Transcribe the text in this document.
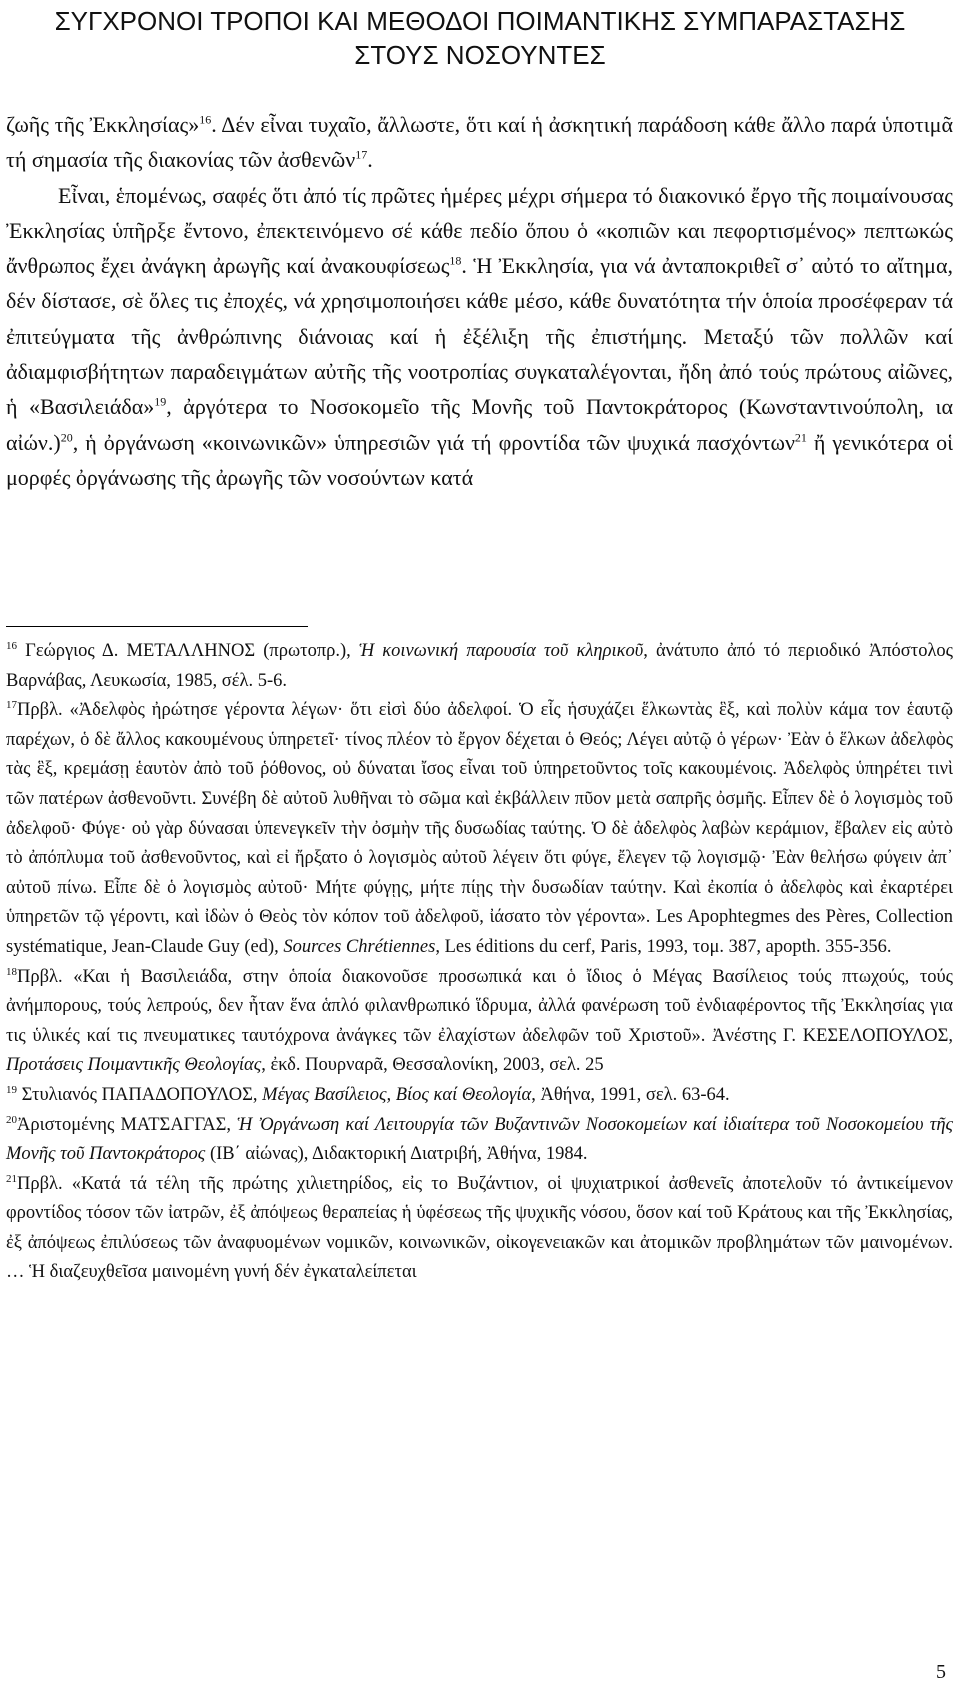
ΣΥΓΧΡΟΝΟΙ ΤΡΟΠΟΙ ΚΑΙ ΜΕΘΟΔΟΙ ΠΟΙΜΑΝΤΙΚΗΣ ΣΥΜΠΑΡΑΣΤΑΣΗΣ
ΣΤΟΥΣ ΝΟΣΟΥΝΤΕΣ

ζωῆς τῆς Ἐκκλησίας»$^{16}$. Δέν εἶναι τυχαῖο, ἄλλωστε, ὅτι καί ἡ ἀσκητική παράδοση κάθε ἄλλο παρά ὑποτιμᾶ τή σημασία τῆς διακονίας τῶν ἀσθενῶν$^{17}$.

Εἶναι, ἑπομένως, σαφές ὅτι ἀπό τίς πρῶτες ἡμέρες μέχρι σήμερα τό διακονικό ἔργο τῆς ποιμαίνουσας Ἐκκλησίας ὑπῆρξε ἔντονο, ἐπεκτεινόμενο σέ κάθε πεδίο ὅπου ὁ «κοπιῶν και πεφορτισμένος» πεπτωκώς ἄνθρωπος ἔχει ἀνάγκη ἀρωγῆς καί ἀνακουφίσεως$^{18}$. Ἡ Ἐκκλησία, για νά ἀνταποκριθεῖ σ᾽ αὐτό το αἴτημα, δέν δίστασε, σὲ ὅλες τις ἐποχές, νά χρησιμοποιήσει κάθε μέσο, κάθε δυνατότητα τήν ὁποία προσέφεραν τά ἐπιτεύγματα τῆς ἀνθρώπινης διάνοιας καί ἡ ἐξέλιξη τῆς ἐπιστήμης. Μεταξύ τῶν πολλῶν καί ἀδιαμφισβήτητων παραδειγμάτων αὐτῆς τῆς νοοτροπίας συγκαταλέγονται, ἤδη ἀπό τούς πρώτους αἰῶνες, ἡ «Βασιλειάδα»$^{19}$, ἀργότερα το Νοσοκομεῖο τῆς Μονῆς τοῦ Παντοκράτορος (Κωνσταντινούπολη, ια αἰών.)$^{20}$, ἡ ὀργάνωση «κοινωνικῶν» ὑπηρεσιῶν γιά τή φροντίδα τῶν ψυχικά πασχόντων$^{21}$ ἤ γενικότερα οἱ μορφές ὀργάνωσης τῆς ἀρωγῆς τῶν νοσούντων κατά

$^{16}$ Γεώργιος Δ. ΜΕΤΑΛΛΗΝΟΣ (πρωτοπρ.), Ἡ κοινωνική παρουσία τοῦ κληρικοῦ, ἀνάτυπο ἀπό τό περιοδικό Ἀπόστολος Βαρνάβας, Λευκωσία, 1985, σέλ. 5-6.

$^{17}$Πρβλ. «Ἀδελφὸς ἠρώτησε γέροντα λέγων· ὅτι εἰσὶ δύο ἀδελφοί. Ὁ εἷς ἡσυχάζει ἕλκωντὰς ἓξ, καὶ πολὺν κάμα τον ἑαυτῷ παρέχων, ὁ δὲ ἄλλος κακουμένους ὑπηρετεῖ· τίνος πλέον τὸ ἔργον δέχεται ὁ Θεός; Λέγει αὐτῷ ὁ γέρων· Ἐὰν ὁ ἕλκων ἀδελφὸς τὰς ἓξ, κρεμάσῃ ἑαυτὸν ἀπὸ τοῦ ῥόθονος, οὐ δύναται ἴσος εἶναι τοῦ ὑπηρετοῦντος τοῖς κακουμένοις. Ἀδελφὸς ὑπηρέτει τινὶ τῶν πατέρων ἀσθενοῦντι. Συνέβη δὲ αὐτοῦ λυθῆναι τὸ σῶμα καὶ ἐκβάλλειν πῦον μετὰ σαπρῆς ὀσμῆς. Εἶπεν δὲ ὁ λογισμὸς τοῦ ἀδελφοῦ· Φύγε· οὐ γὰρ δύνασαι ὑπενεγκεῖν τὴν ὀσμὴν τῆς δυσωδίας ταύτης. Ὁ δὲ ἀδελφὸς λαβὼν κεράμιον, ἔβαλεν εἰς αὐτὸ τὸ ἀπόπλυμα τοῦ ἀσθενοῦντος, καὶ εἰ ἤρξατο ὁ λογισμὸς αὐτοῦ λέγειν ὅτι φύγε, ἔλεγεν τῷ λογισμῷ· Ἐὰν θελήσω φύγειν ἀπ᾽ αὐτοῦ πίνω. Εἶπε δὲ ὁ λογισμὸς αὐτοῦ· Μήτε φύγῃς, μήτε πίῃς τὴν δυσωδίαν ταύτην. Καὶ ἐκοπία ὁ ἀδελφὸς καὶ ἐκαρτέρει ὑπηρετῶν τῷ γέροντι, καὶ ἰδὼν ὁ Θεὸς τὸν κόπον τοῦ ἀδελφοῦ, ἰάσατο τὸν γέροντα». Les Apophtegmes des Pères, Collection systématique, Jean-Claude Guy (ed), Sources Chrétiennes, Les éditions du cerf, Paris, 1993, τομ. 387, apopth. 355-356.

$^{18}$Πρβλ. «Και ἡ Βασιλειάδα, στην ὁποία διακονοῦσε προσωπικά και ὁ ἴδιος ὁ Μέγας Βασίλειος τούς πτωχούς, τούς ἀνήμπορους, τούς λεπρούς, δεν ἦταν ἕνα ἁπλό φιλανθρωπικό ἵδρυμα, ἀλλά φανέρωση τοῦ ἐνδιαφέροντος τῆς Ἐκκλησίας για τις ὑλικές καί τις πνευματικες ταυτόχρονα ἀνάγκες τῶν ἐλαχίστων ἀδελφῶν τοῦ Χριστοῦ». Ἀνέστης Γ. ΚΕΣΕΛΟΠΟΥΛΟΣ, Προτάσεις Ποιμαντικῆς Θεολογίας, ἐκδ. Πουρναρᾶ, Θεσσαλονίκη, 2003, σελ. 25

$^{19}$ Στυλιανός ΠΑΠΑΔΟΠΟΥΛΟΣ, Μέγας Βασίλειος, Βίος καί Θεολογία, Ἀθήνα, 1991, σελ. 63-64.

$^{20}$Ἀριστομένης ΜΑΤΣΑΓΓΑΣ, Ἡ Ὀργάνωση καί Λειτουργία τῶν Βυζαντινῶν Νοσοκομείων καί ἰδιαίτερα τοῦ Νοσοκομείου τῆς Μονῆς τοῦ Παντοκράτορος (ΙΒ΄ αἰώνας), Διδακτορική Διατριβή, Ἀθήνα, 1984.

$^{21}$Πρβλ. «Κατά τά τέλη τῆς πρώτης χιλιετηρίδος, εἰς το Βυζάντιον, οἱ ψυχιατρικοί ἀσθενεῖς ἀποτελοῦν τό ἀντικείμενον φροντίδος τόσον τῶν ἰατρῶν, ἐξ ἀπόψεως θεραπείας ἡ ὑφέσεως τῆς ψυχικῆς νόσου, ὅσον καί τοῦ Κράτους και τῆς Ἐκκλησίας, ἐξ ἀπόψεως ἐπιλύσεως τῶν ἀναφυομένων νομικῶν, κοινωνικῶν, οἰκογενειακῶν και ἀτομικῶν προβλημάτων τῶν μαινομένων. … Ἡ διαζευχθεῖσα μαινομένη γυνή δέν ἐγκαταλείπεται

5
